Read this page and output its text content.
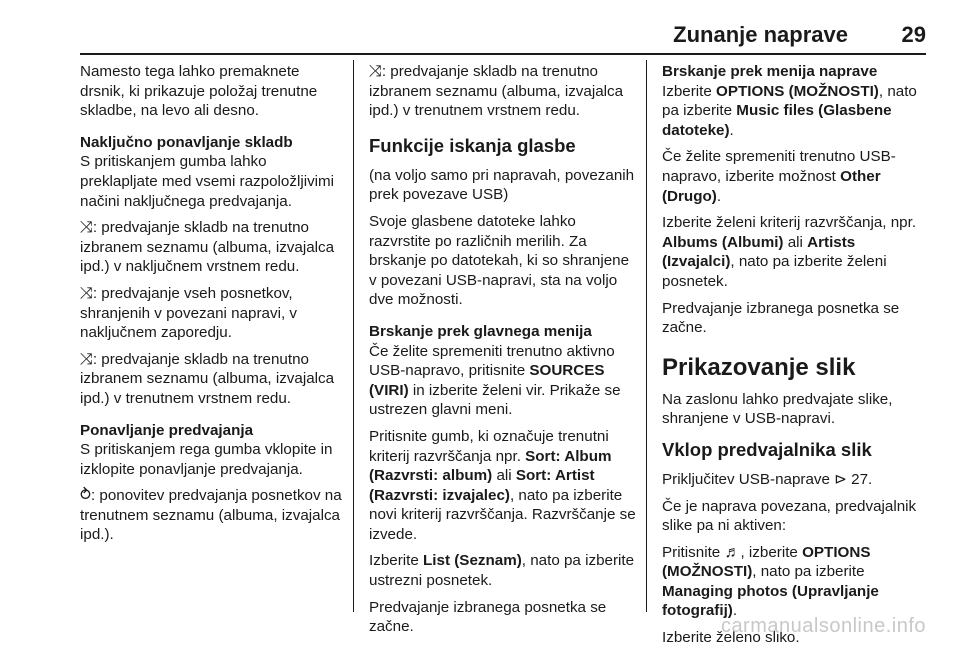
Zunanje naprave 29

Namesto tega lahko premaknete drsnik, ki prikazuje položaj trenutne skladbe, na levo ali desno.

Naključno ponavljanje skladb

S pritiskanjem gumba lahko preklapljate med vsemi razpoložljivimi načini naključnega predvajanja.

⤨: predvajanje skladb na trenutno izbranem seznamu (albuma, izvajalca ipd.) v naključnem vrstnem redu.

⤨: predvajanje vseh posnetkov, shranjenih v povezani napravi, v naključnem zaporedju.

⤨: predvajanje skladb na trenutno izbranem seznamu (albuma, izvajalca ipd.) v trenutnem vrstnem redu.

Ponavljanje predvajanja

S pritiskanjem rega gumba vklopite in izklopite ponavljanje predvajanja.

⥁: ponovitev predvajanja posnetkov na trenutnem seznamu (albuma, izvajalca ipd.).

⤨: predvajanje skladb na trenutno izbranem seznamu (albuma, izvajalca ipd.) v trenutnem vrstnem redu.

Funkcije iskanja glasbe

(na voljo samo pri napravah, povezanih prek povezave USB)

Svoje glasbene datoteke lahko razvrstite po različnih merilih. Za brskanje po datotekah, ki so shranjene v povezani USB-napravi, sta na voljo dve možnosti.

Brskanje prek glavnega menija

Če želite spremeniti trenutno aktivno USB-napravo, pritisnite SOURCES (VIRI) in izberite želeni vir. Prikaže se ustrezen glavni meni.

Pritisnite gumb, ki označuje trenutni kriterij razvrščanja npr. Sort: Album (Razvrsti: album) ali Sort: Artist (Razvrsti: izvajalec), nato pa izberite novi kriterij razvrščanja. Razvrščanje se izvede.

Izberite List (Seznam), nato pa izberite ustrezni posnetek.

Predvajanje izbranega posnetka se začne.

Brskanje prek menija naprave

Izberite OPTIONS (MOŽNOSTI), nato pa izberite Music files (Glasbene datoteke).

Če želite spremeniti trenutno USB-napravo, izberite možnost Other (Drugo).

Izberite želeni kriterij razvrščanja, npr. Albums (Albumi) ali Artists (Izvajalci), nato pa izberite želeni posnetek.

Predvajanje izbranega posnetka se začne.

Prikazovanje slik

Na zaslonu lahko predvajate slike, shranjene v USB-napravi.

Vklop predvajalnika slik

Priključitev USB-naprave ⊳ 27.

Če je naprava povezana, predvajalnik slike pa ni aktiven:

Pritisnite ♬, izberite OPTIONS (MOŽNOSTI), nato pa izberite Managing photos (Upravljanje fotografij).

Izberite želeno sliko.

carmanualsonline.info
